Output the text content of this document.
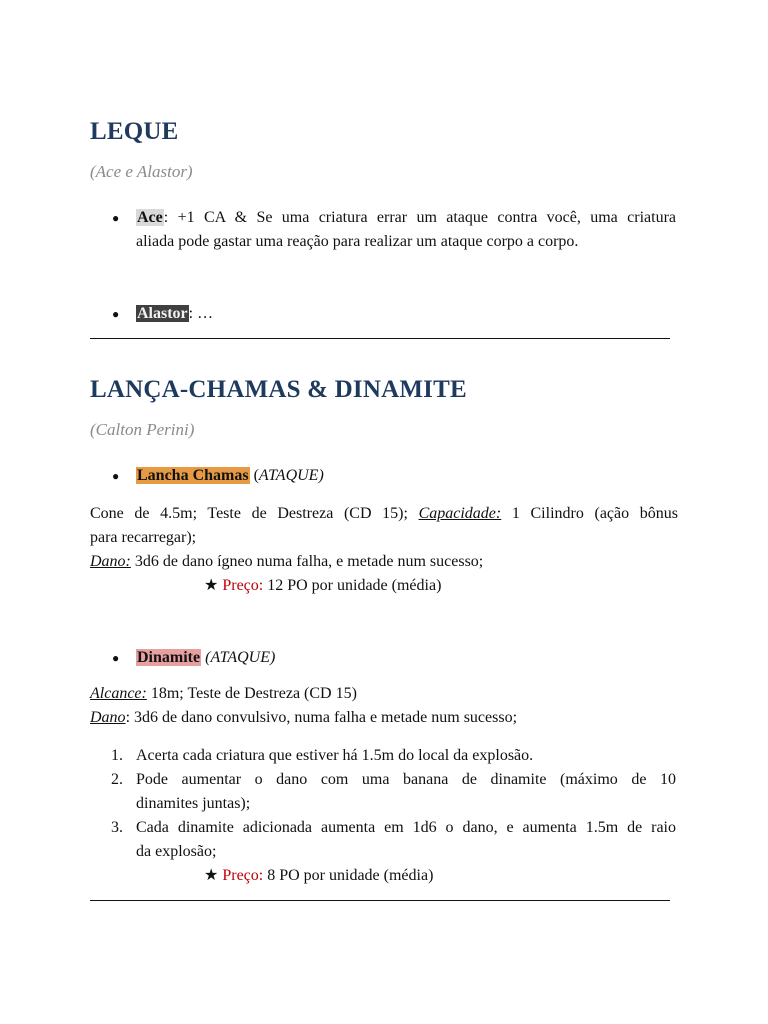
LEQUE

(Ace e Alastor)

● Ace: +1 CA & Se uma criatura errar um ataque contra você, uma criatura
aliada pode gastar uma reação para realizar um ataque corpo a corpo.
● Alastor: …
LANÇA-CHAMAS & DINAMITE

(Calton Perini)

● Lancha Chamas (ATAQUE)
Cone de 4.5m; Teste de Destreza (CD 15); Capacidade: 1 Cilindro (ação bônus
para recarregar);
Dano: 3d6 de dano ígneo numa falha, e metade num sucesso;
★ Preço: 12 PO por unidade (média)
● Dinamite (ATAQUE)
Alcance: 18m; Teste de Destreza (CD 15)
Dano: 3d6 de dano convulsivo, numa falha e metade num sucesso;
1. Acerta cada criatura que estiver há 1.5m do local da explosão.
2. Pode aumentar o dano com uma banana de dinamite (máximo de 10
dinamites juntas);
3. Cada dinamite adicionada aumenta em 1d6 o dano, e aumenta 1.5m de raio
da explosão;
★ Preço: 8 PO por unidade (média)
